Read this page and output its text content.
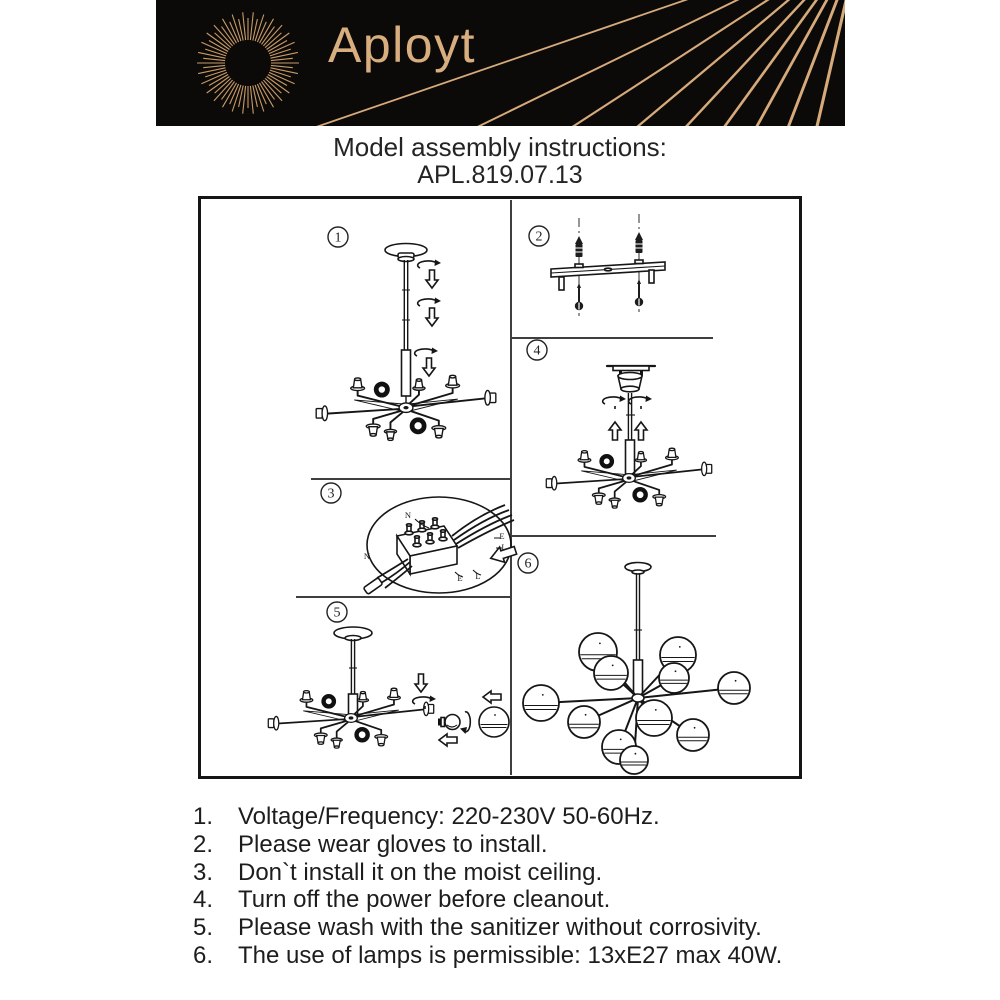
Aployt
Model assembly instructions:
APL.819.07.13
1	2
3
N
E
L
N
E L
4
5
6
1. Voltage/Frequency: 220-230V 50-60Hz.
2. Please wear gloves to install.
3. Don`t install it on the moist ceiling.
4. Turn off the power before cleanout.
5. Please wash with the sanitizer without corrosivity.
6. The use of lamps is permissible: 13xE27 max 40W.
